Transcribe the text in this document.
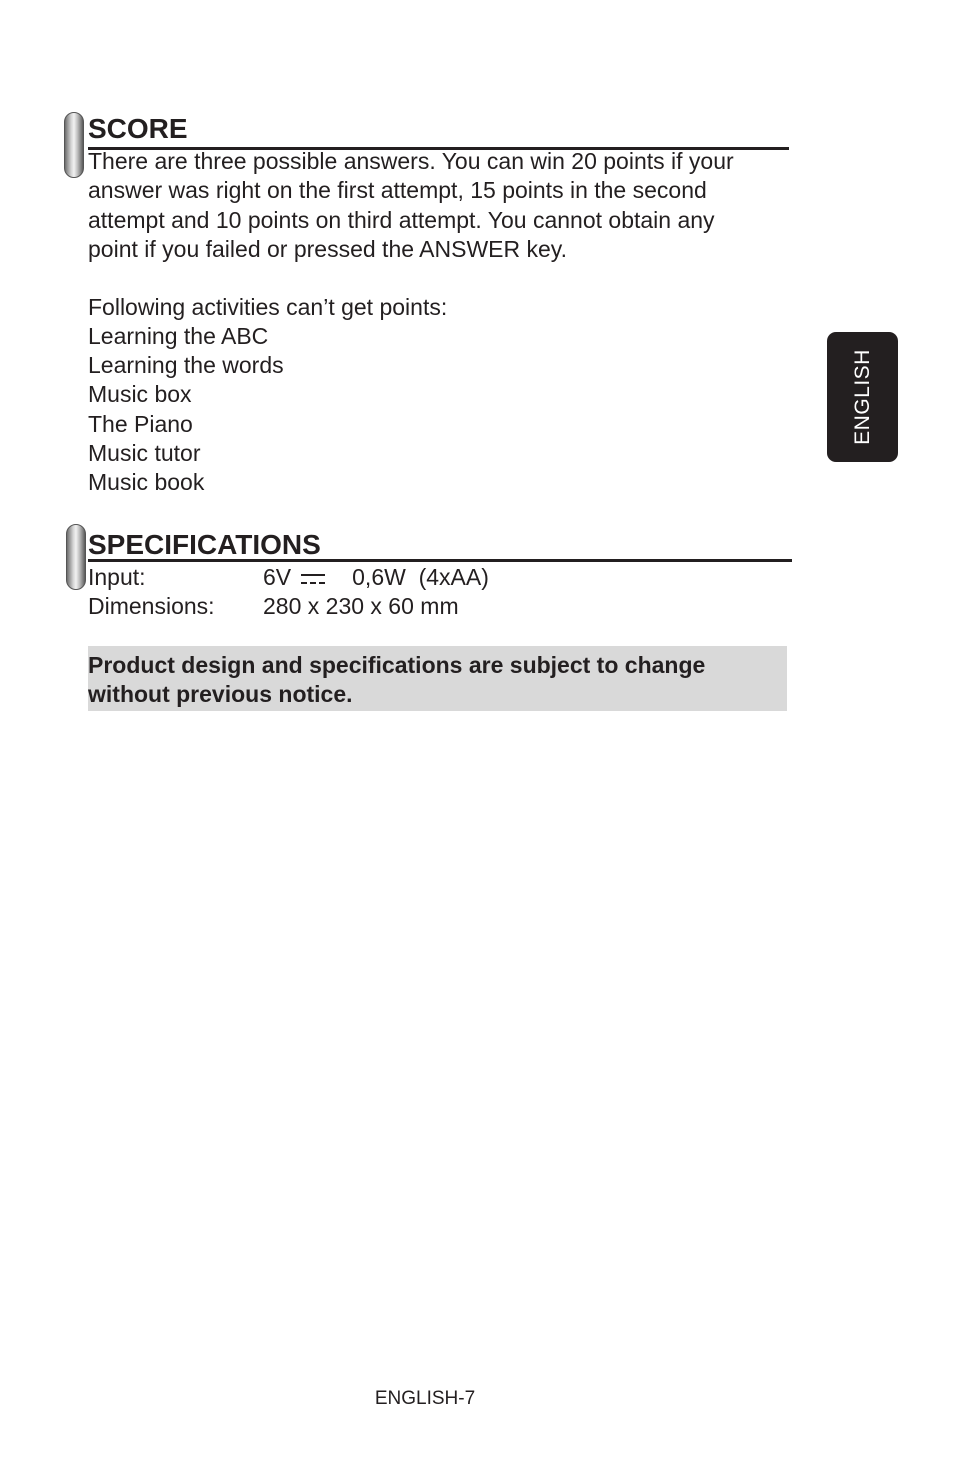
SCORE

There are three possible answers. You can win 20 points if your
answer was right on the first attempt, 15 points in the second
attempt and 10 points on third attempt. You cannot obtain any
point if you failed or pressed the ANSWER key.

Following activities can’t get points:

Learning the ABC
Learning the words
Music box
The Piano
Music tutor
Music book
SPECIFICATIONS
Input:	6V	0,6W  (4xAA)
Dimensions: 280 x 230 x 60 mm

Product design and specifications are subject to change
without previous notice.

ENGLISH
ENGLISH-7
